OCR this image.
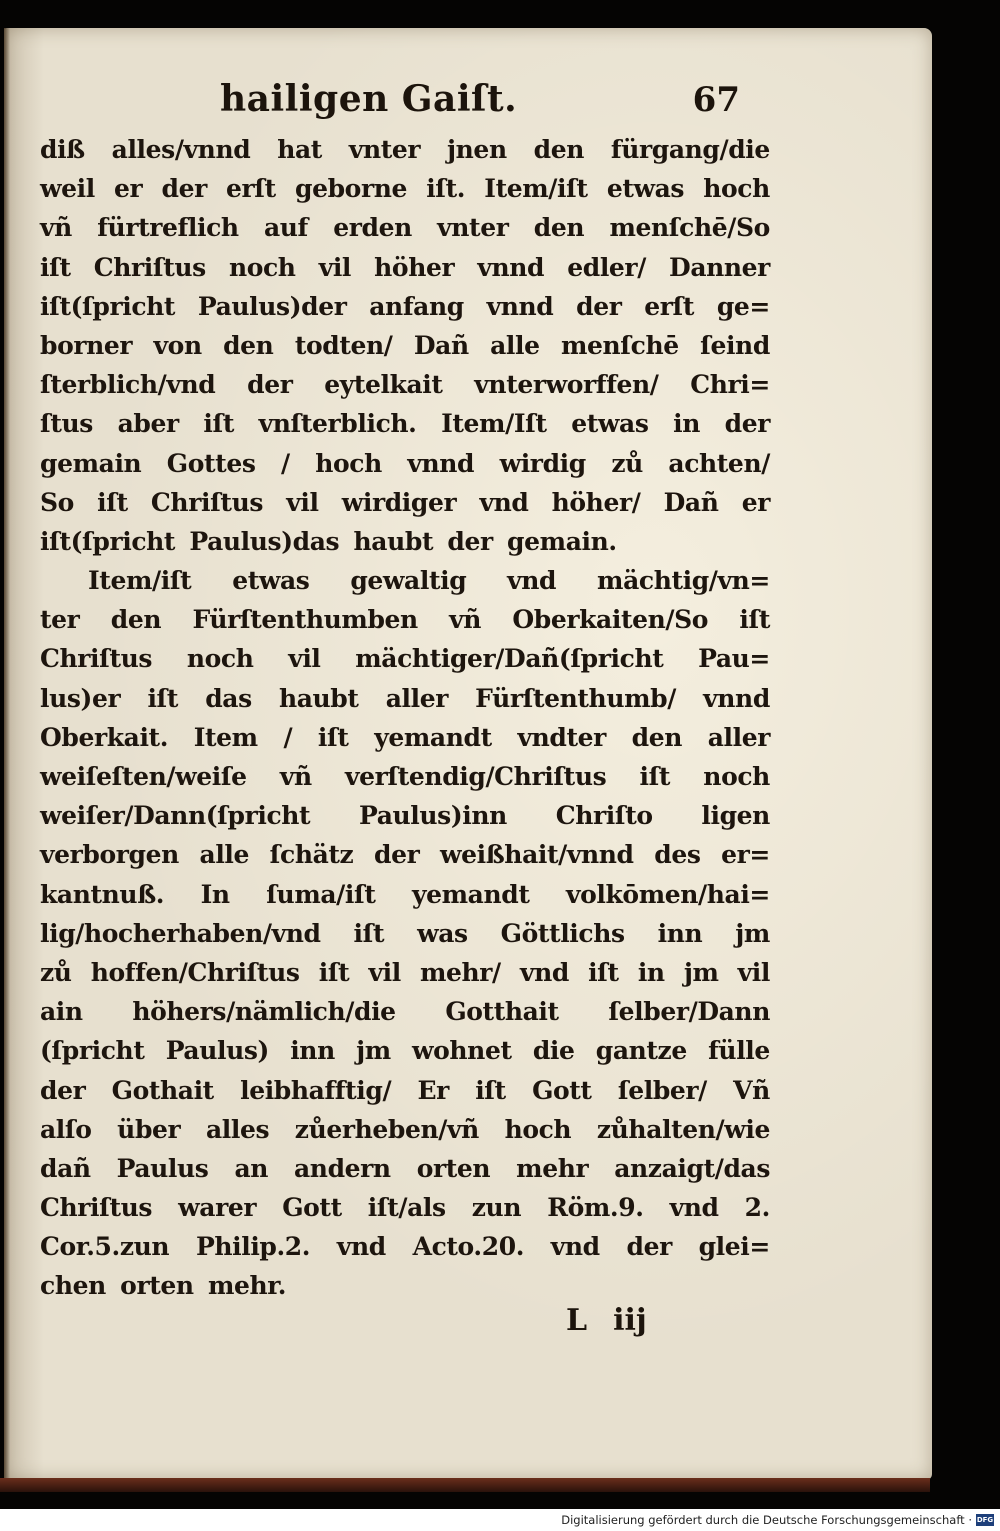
hailigen Gaiſt.	67
diß alles/vnnd hat vnter jnen den fürgang/die
weil er der erſt geborne iſt. Item/iſt etwas hoch
vñ fürtreflich auf erden vnter den menſchē/So
iſt Chriſtus noch vil höher vnnd edler/ Danner
iſt(ſpricht Paulus)der anfang vnnd der erſt ge=
borner von den todten/ Dañ alle menſchē ſeind
ſterblich/vnd der eytelkait vnterworffen/ Chri=
ſtus aber iſt vnſterblich. Item/Iſt etwas in der
gemain Gottes / hoch vnnd wirdig zů achten/
So iſt Chriſtus vil wirdiger vnd höher/ Dañ er
iſt(ſpricht Paulus)das haubt der gemain.
Item/iſt etwas gewaltig vnd mächtig/vn=
ter den Fürſtenthumben vñ Oberkaiten/So iſt
Chriſtus noch vil mächtiger/Dañ(ſpricht Pau=
lus)er iſt das haubt aller Fürſtenthumb/ vnnd
Oberkait. Item / iſt yemandt vndter den aller
weiſeſten/weiſe vñ verſtendig/Chriſtus iſt noch
weiſer/Dann(ſpricht Paulus)inn Chriſto ligen
verborgen alle ſchätz der weißhait/vnnd des er=
kantnuß. In ſuma/iſt yemandt volkōmen/hai=
lig/hocherhaben/vnd iſt was Göttlichs inn jm
zů hoffen/Chriſtus iſt vil mehr/ vnd iſt in jm vil
ain höhers/nämlich/die Gotthait ſelber/Dann
(ſpricht Paulus) inn jm wohnet die gantze fülle
der Gothait leibhafftig/ Er iſt Gott ſelber/ Vñ
alſo über alles zůerheben/vñ hoch zůhalten/wie
dañ Paulus an andern orten mehr anzaigt/das
Chriſtus warer Gott iſt/als zun Röm.9. vnd 2.
Cor.5.zun Philip.2. vnd Acto.20. vnd der glei=
chen orten mehr.
L iij
Digitalisierung gefördert durch die Deutsche Forschungsgemeinschaft · DFG
